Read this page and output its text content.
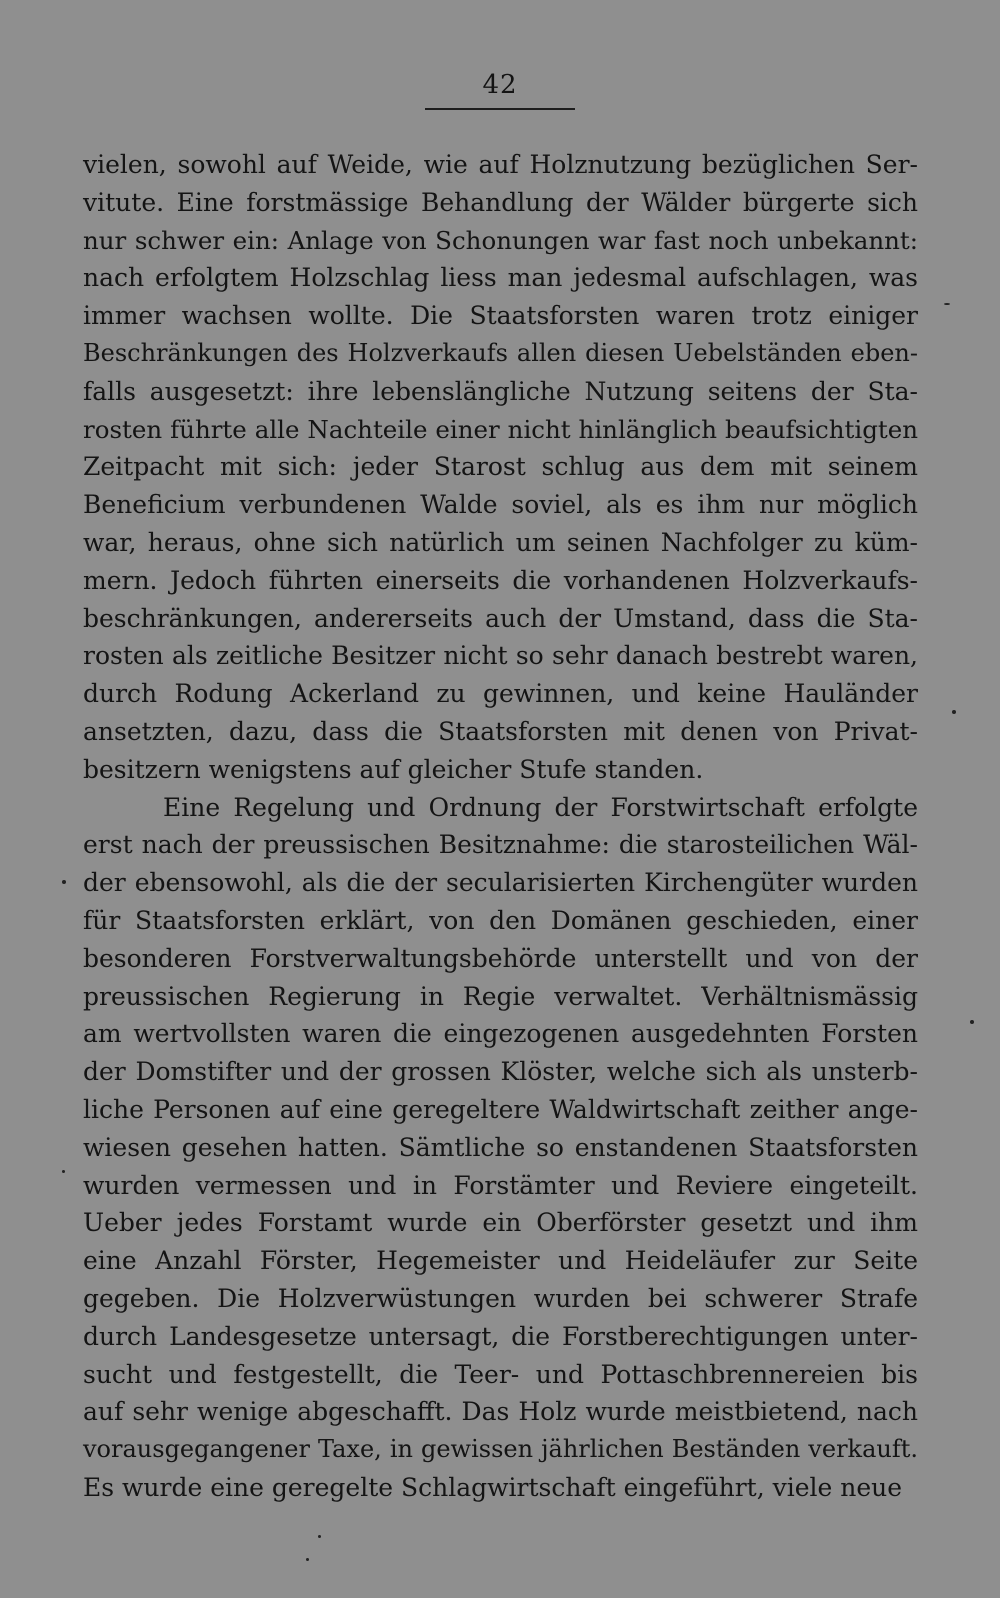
42
vielen, sowohl auf Weide, wie auf Holznutzung bezüglichen Ser-
vitute. Eine forstmässige Behandlung der Wälder bürgerte sich
nur schwer ein: Anlage von Schonungen war fast noch unbekannt:
nach erfolgtem Holzschlag liess man jedesmal aufschlagen, was
immer wachsen wollte. Die Staatsforsten waren trotz einiger
Beschränkungen des Holzverkaufs allen diesen Uebelständen eben-
falls ausgesetzt: ihre lebenslängliche Nutzung seitens der Sta-
rosten führte alle Nachteile einer nicht hinlänglich beaufsichtigten
Zeitpacht mit sich: jeder Starost schlug aus dem mit seinem
Beneficium verbundenen Walde soviel, als es ihm nur möglich
war, heraus, ohne sich natürlich um seinen Nachfolger zu küm-
mern. Jedoch führten einerseits die vorhandenen Holzverkaufs-
beschränkungen, andererseits auch der Umstand, dass die Sta-
rosten als zeitliche Besitzer nicht so sehr danach bestrebt waren,
durch Rodung Ackerland zu gewinnen, und keine Hauländer
ansetzten, dazu, dass die Staatsforsten mit denen von Privat-
besitzern wenigstens auf gleicher Stufe standen.
Eine Regelung und Ordnung der Forstwirtschaft erfolgte
erst nach der preussischen Besitznahme: die starosteilichen Wäl-
der ebensowohl, als die der secularisierten Kirchengüter wurden
für Staatsforsten erklärt, von den Domänen geschieden, einer
besonderen Forstverwaltungsbehörde unterstellt und von der
preussischen Regierung in Regie verwaltet. Verhältnismässig
am wertvollsten waren die eingezogenen ausgedehnten Forsten
der Domstifter und der grossen Klöster, welche sich als unsterb-
liche Personen auf eine geregeltere Waldwirtschaft zeither ange-
wiesen gesehen hatten. Sämtliche so enstandenen Staatsforsten
wurden vermessen und in Forstämter und Reviere eingeteilt.
Ueber jedes Forstamt wurde ein Oberförster gesetzt und ihm
eine Anzahl Förster, Hegemeister und Heideläufer zur Seite
gegeben. Die Holzverwüstungen wurden bei schwerer Strafe
durch Landesgesetze untersagt, die Forstberechtigungen unter-
sucht und festgestellt, die Teer- und Pottaschbrennereien bis
auf sehr wenige abgeschafft. Das Holz wurde meistbietend, nach
vorausgegangener Taxe, in gewissen jährlichen Beständen verkauft.
Es wurde eine geregelte Schlagwirtschaft eingeführt, viele neue
